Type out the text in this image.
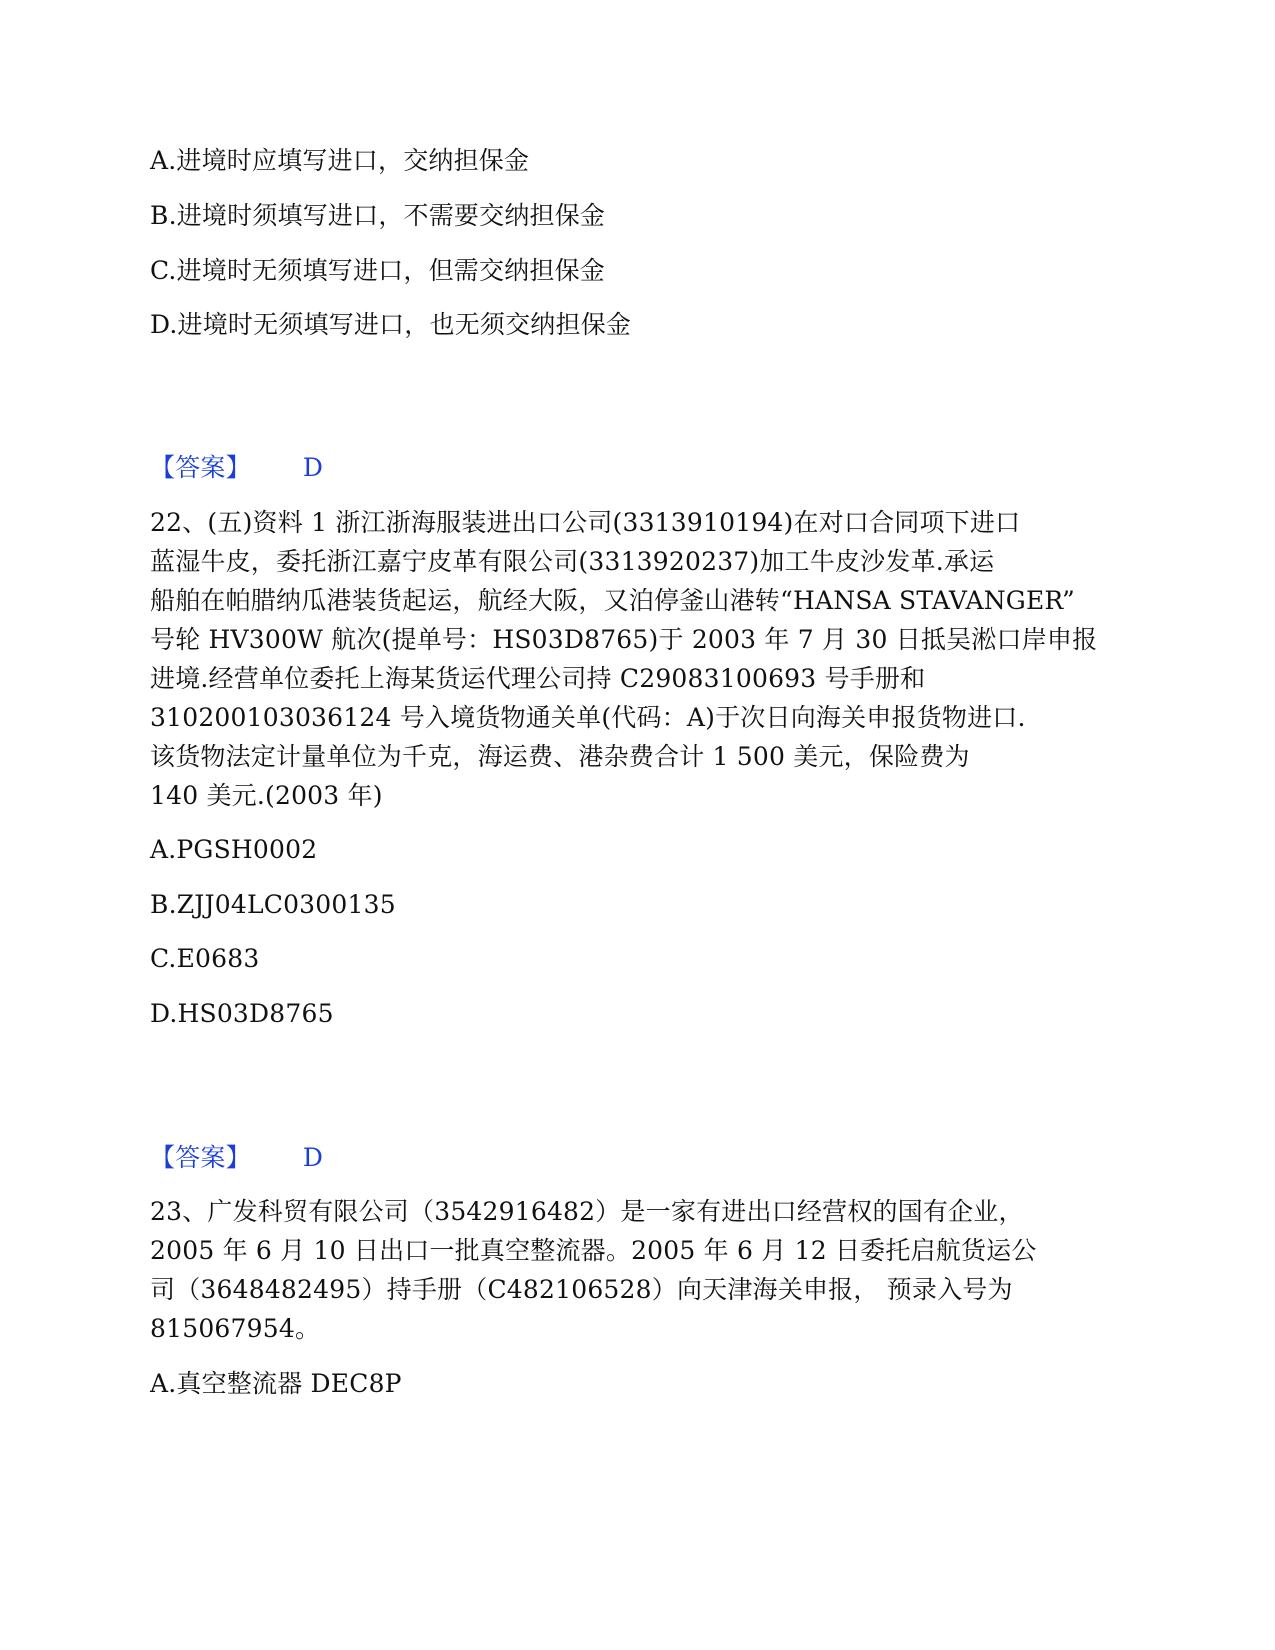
A.进境时应填写进口，交纳担保金
B.进境时须填写进口，不需要交纳担保金
C.进境时无须填写进口，但需交纳担保金
D.进境时无须填写进口，也无须交纳担保金
【答案】 D
22、(五)资料 1 浙江浙海服装进出口公司(3313910194)在对口合同项下进口
蓝湿牛皮，委托浙江嘉宁皮革有限公司(3313920237)加工牛皮沙发革.承运
船舶在帕腊纳瓜港装货起运，航经大阪，又泊停釜山港转“HANSA STAVANGER”
号轮 HV300W 航次(提单号：HS03D8765)于 2003 年 7 月 30 日抵吴淞口岸申报
进境.经营单位委托上海某货运代理公司持 C29083100693 号手册和
310200103036124 号入境货物通关单(代码：A)于次日向海关申报货物进口.
该货物法定计量单位为千克，海运费、港杂费合计 1 500 美元，保险费为
140 美元.(2003 年)
A.PGSH0002
B.ZJJ04LC0300135
C.E0683
D.HS03D8765
【答案】 D
23、广发科贸有限公司（3542916482）是一家有进出口经营权的国有企业，
2005 年 6 月 10 日出口一批真空整流器。2005 年 6 月 12 日委托启航货运公
司（3648482495）持手册（C482106528）向天津海关申报， 预录入号为
815067954。
A.真空整流器 DEC8P
